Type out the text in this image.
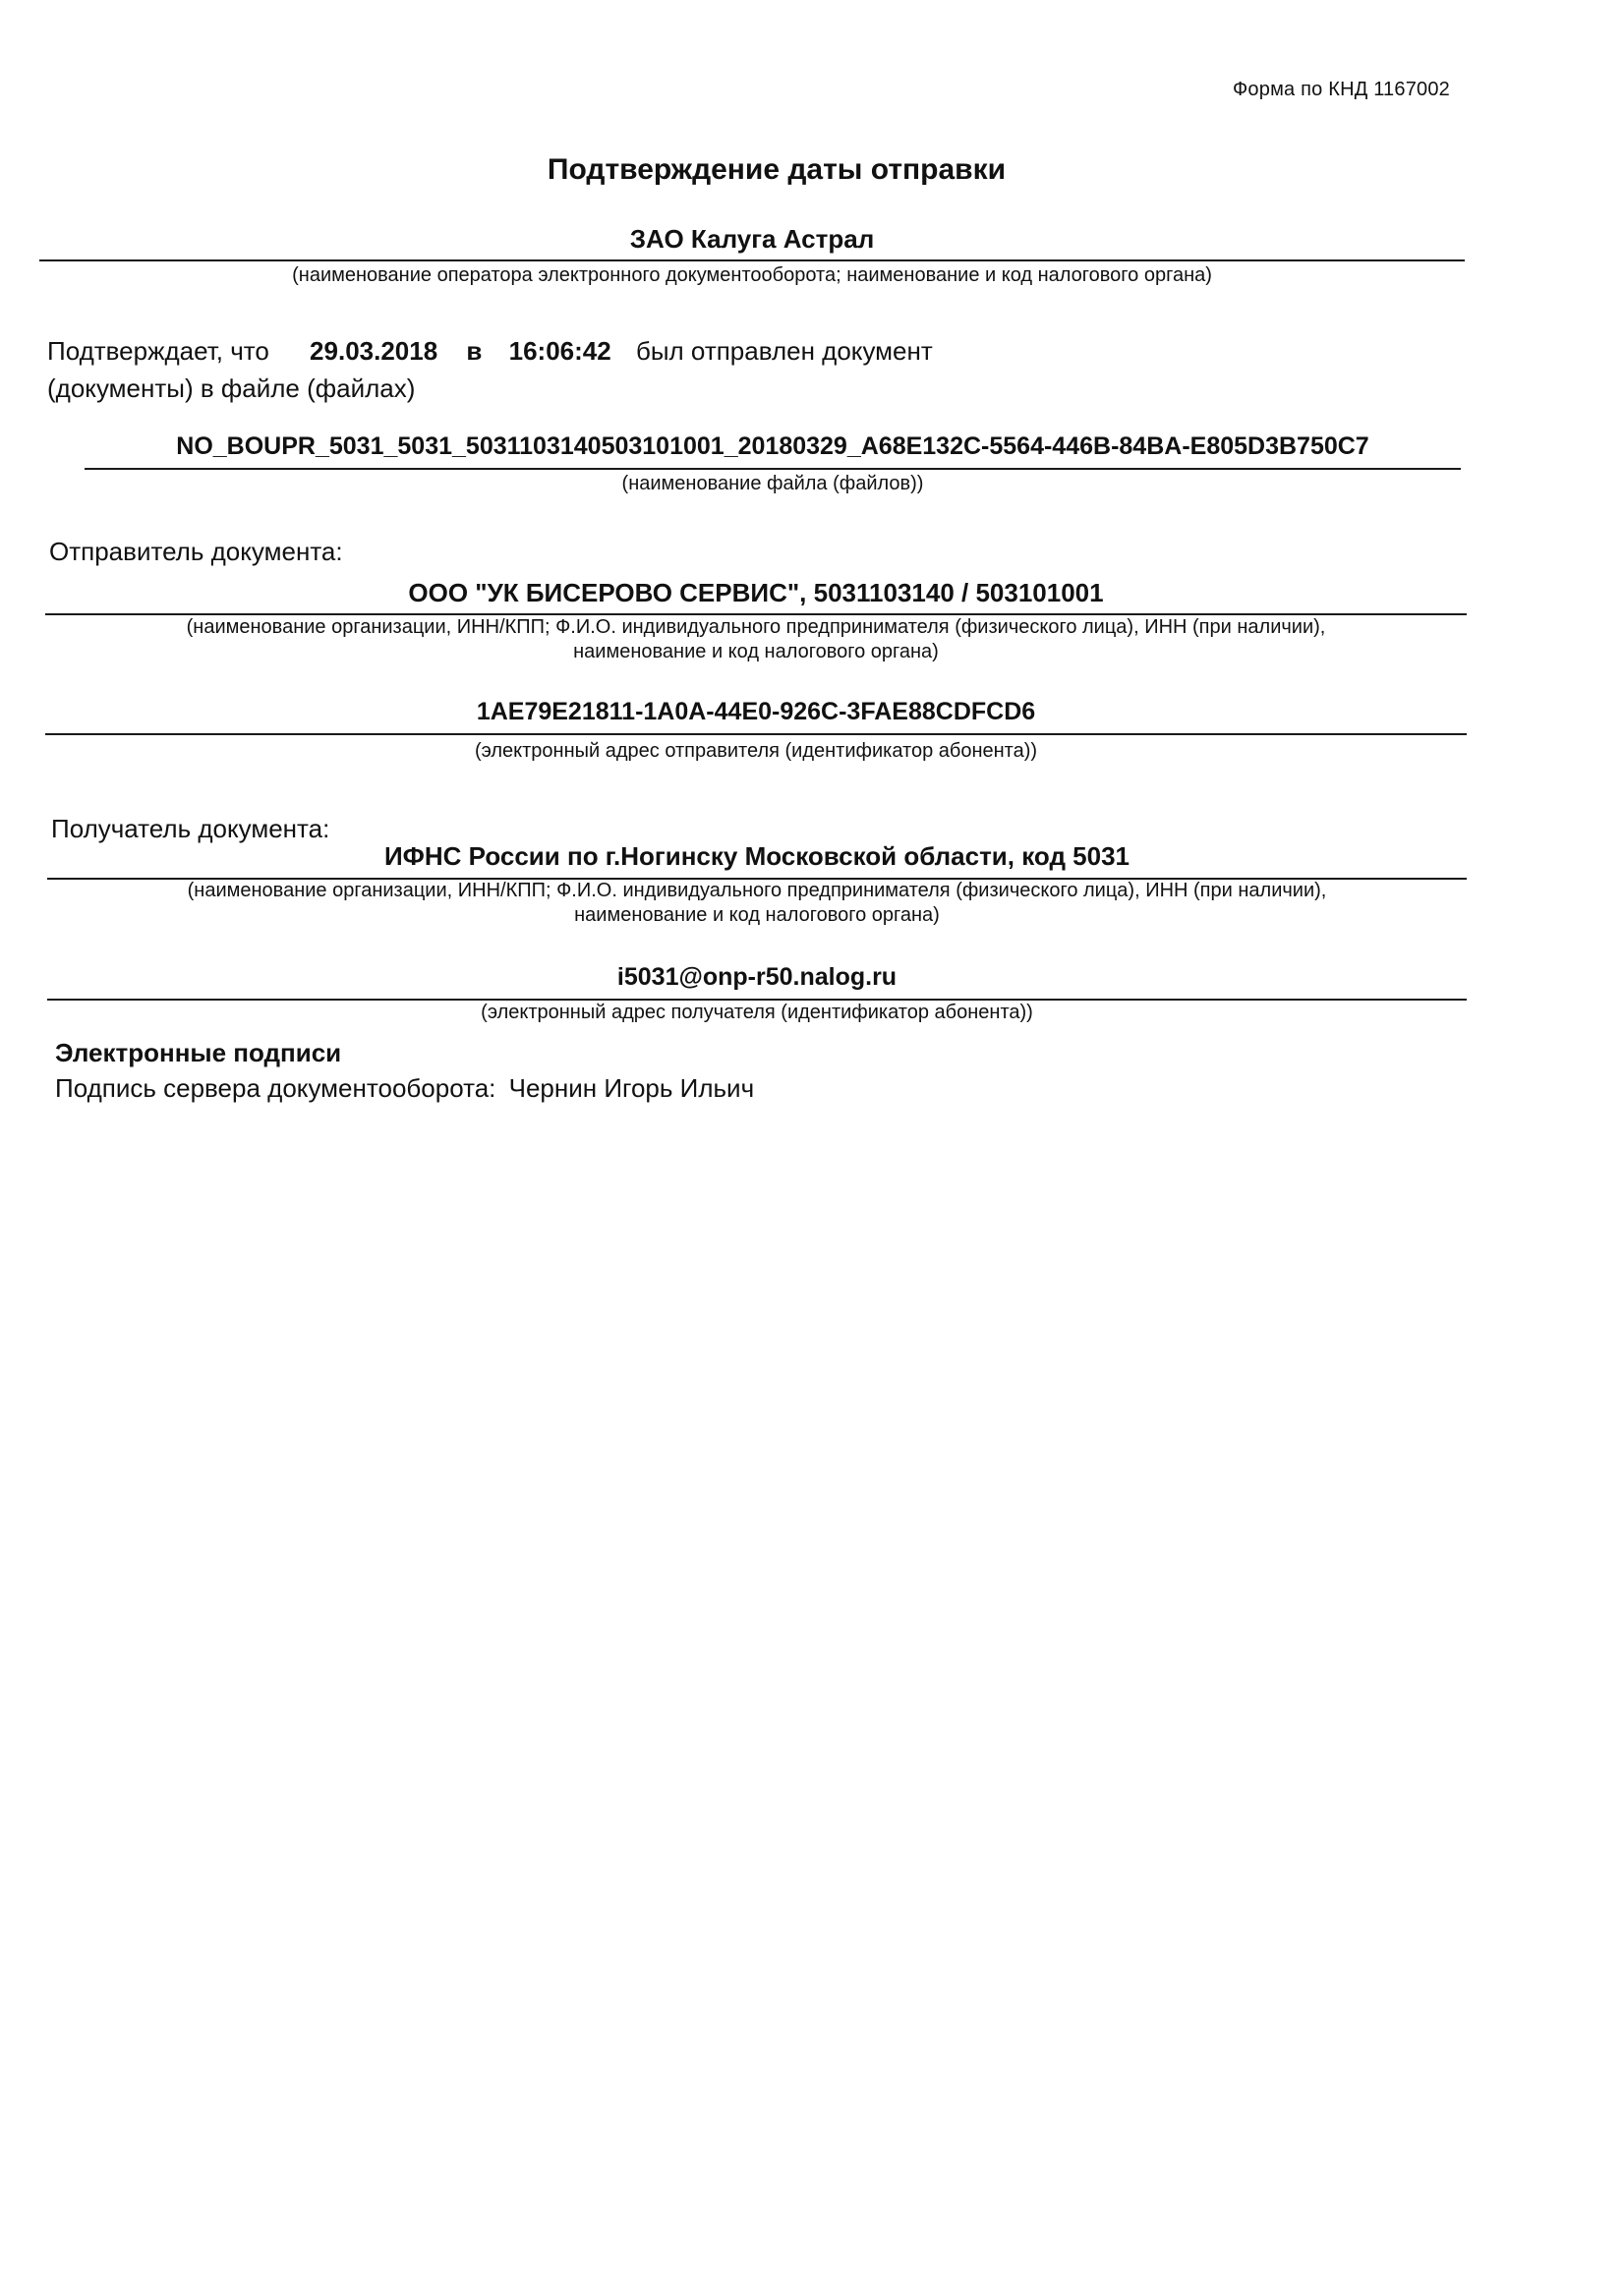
Форма по КНД 1167002
Подтверждение даты отправки
ЗАО Калуга Астрал
(наименование оператора электронного документооборота; наименование и код налогового органа)
Подтверждает, что 29.03.2018 в 16:06:42 был отправлен документ
(документы) в файле (файлах)
NO_BOUPR_5031_5031_5031103140503101001_20180329_A68E132C-5564-446B-84BA-E805D3B750C7
(наименование файла (файлов))
Отправитель документа:
ООО "УК БИСЕРОВО СЕРВИС", 5031103140 / 503101001
(наименование организации, ИНН/КПП; Ф.И.О. индивидуального предпринимателя (физического лица), ИНН (при наличии),
наименование и код налогового органа)
1AE79E21811-1A0A-44E0-926C-3FAE88CDFCD6
(электронный адрес отправителя (идентификатор абонента))
Получатель документа:
ИФНС России по г.Ногинску Московской области, код 5031
(наименование организации, ИНН/КПП; Ф.И.О. индивидуального предпринимателя (физического лица), ИНН (при наличии),
наименование и код налогового органа)
i5031@onp-r50.nalog.ru
(электронный адрес получателя (идентификатор абонента))
Электронные подписи
Подпись сервера документооборота: Чернин Игорь Ильич
